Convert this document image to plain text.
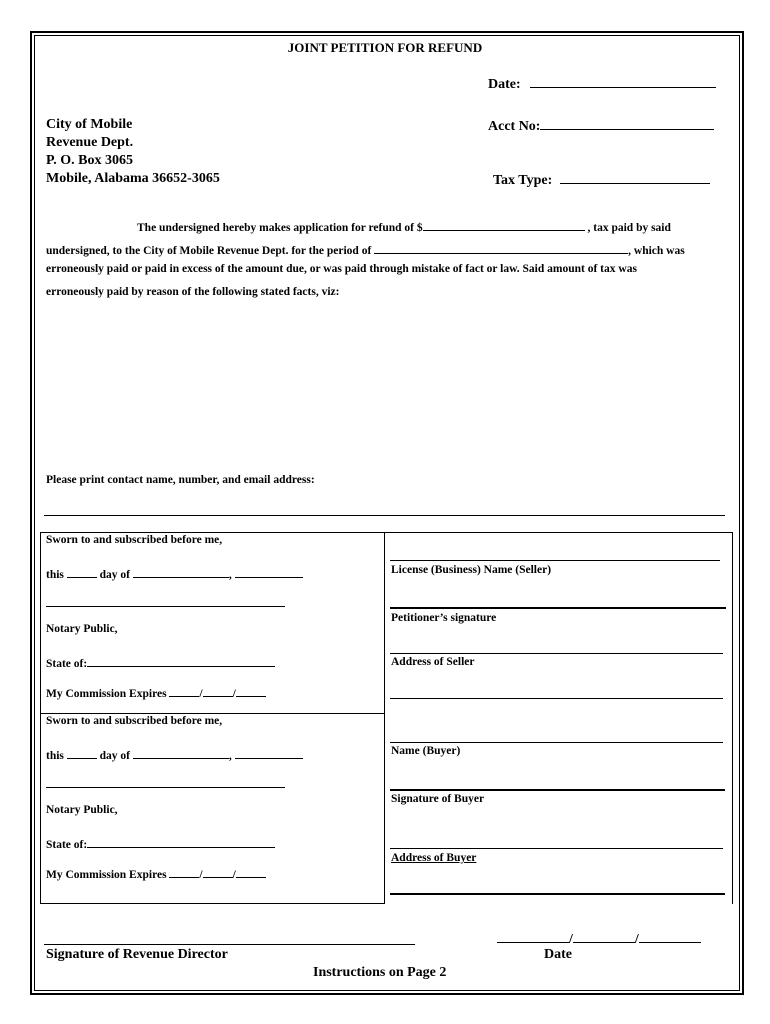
JOINT PETITION FOR REFUND
Date:
City of Mobile
Revenue Dept.
P. O. Box 3065
Mobile, Alabama 36652-3065
Acct No:
Tax Type:
The undersigned hereby makes application for refund of $	, tax paid by said
undersigned, to the City of Mobile Revenue Dept. for the period of	, which was
erroneously paid or paid in excess of the amount due, or was paid through mistake of fact or law. Said amount of tax was
erroneously paid by reason of the following stated facts, viz:
Please print contact name, number, and email address:
Sworn to and subscribed before me,
this	day of	,
Notary Public,
State of:
My Commission Expires	/	/
Sworn to and subscribed before me,
this	day of	,
Notary Public,
State of:
My Commission Expires	/	/
License (Business) Name (Seller)
Petitioner’s signature
Address of Seller
Name (Buyer)
Signature of Buyer
Address of Buyer
Signature of Revenue Director
/	/
Date
Instructions on Page 2
